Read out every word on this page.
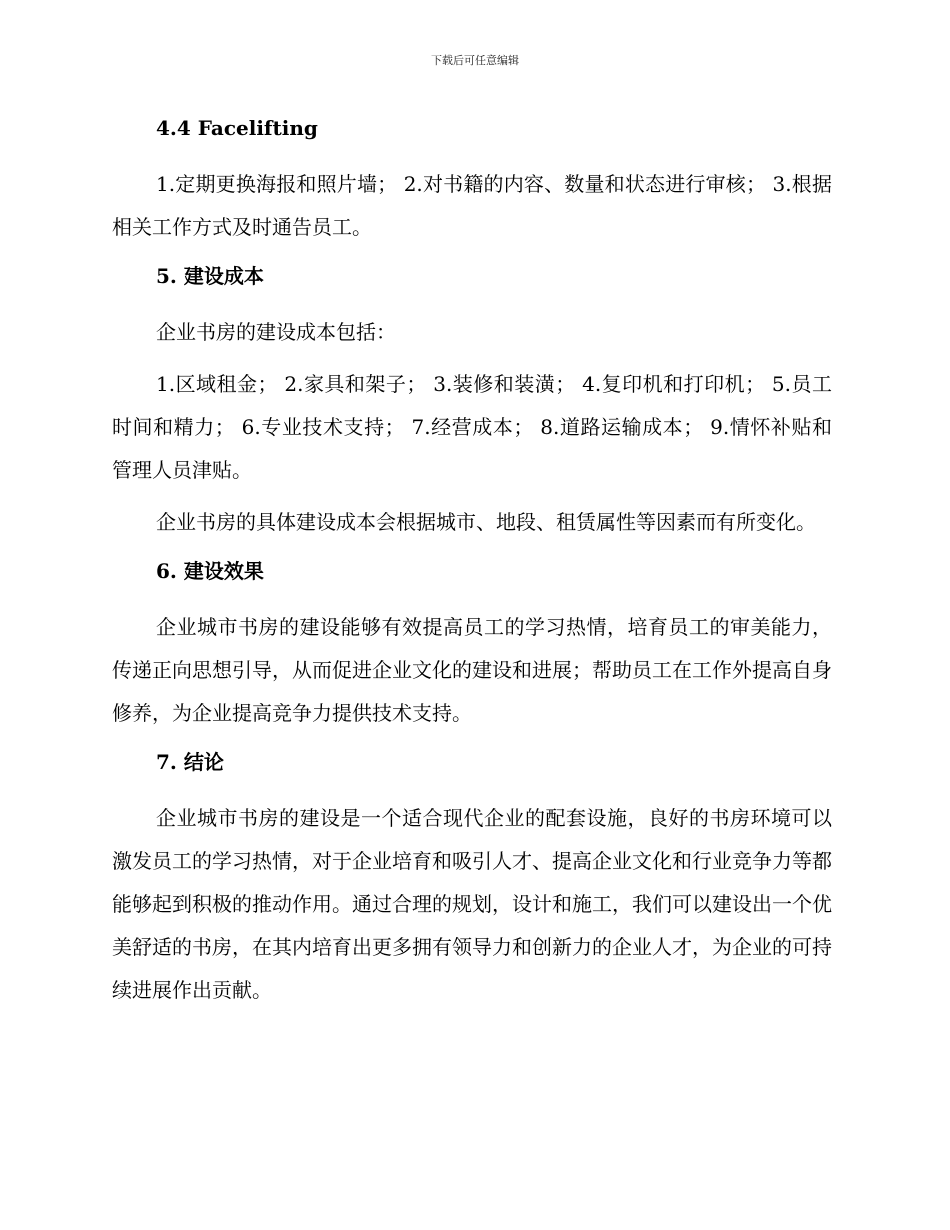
下载后可任意编辑
4.4 Facelifting

1.定期更换海报和照片墙； 2.对书籍的内容、数量和状态进行审核； 3.根据相关工作方式及时通告员工。

5. 建设成本

企业书房的建设成本包括：

1.区域租金； 2.家具和架子； 3.装修和装潢； 4.复印机和打印机； 5.员工时间和精力； 6.专业技术支持； 7.经营成本； 8.道路运输成本； 9.情怀补贴和管理人员津贴。

企业书房的具体建设成本会根据城市、地段、租赁属性等因素而有所变化。

6. 建设效果

企业城市书房的建设能够有效提高员工的学习热情，培育员工的审美能力，传递正向思想引导，从而促进企业文化的建设和进展；帮助员工在工作外提高自身修养，为企业提高竞争力提供技术支持。

7. 结论

企业城市书房的建设是一个适合现代企业的配套设施，良好的书房环境可以激发员工的学习热情，对于企业培育和吸引人才、提高企业文化和行业竞争力等都能够起到积极的推动作用。通过合理的规划，设计和施工，我们可以建设出一个优美舒适的书房，在其内培育出更多拥有领导力和创新力的企业人才，为企业的可持续进展作出贡献。
